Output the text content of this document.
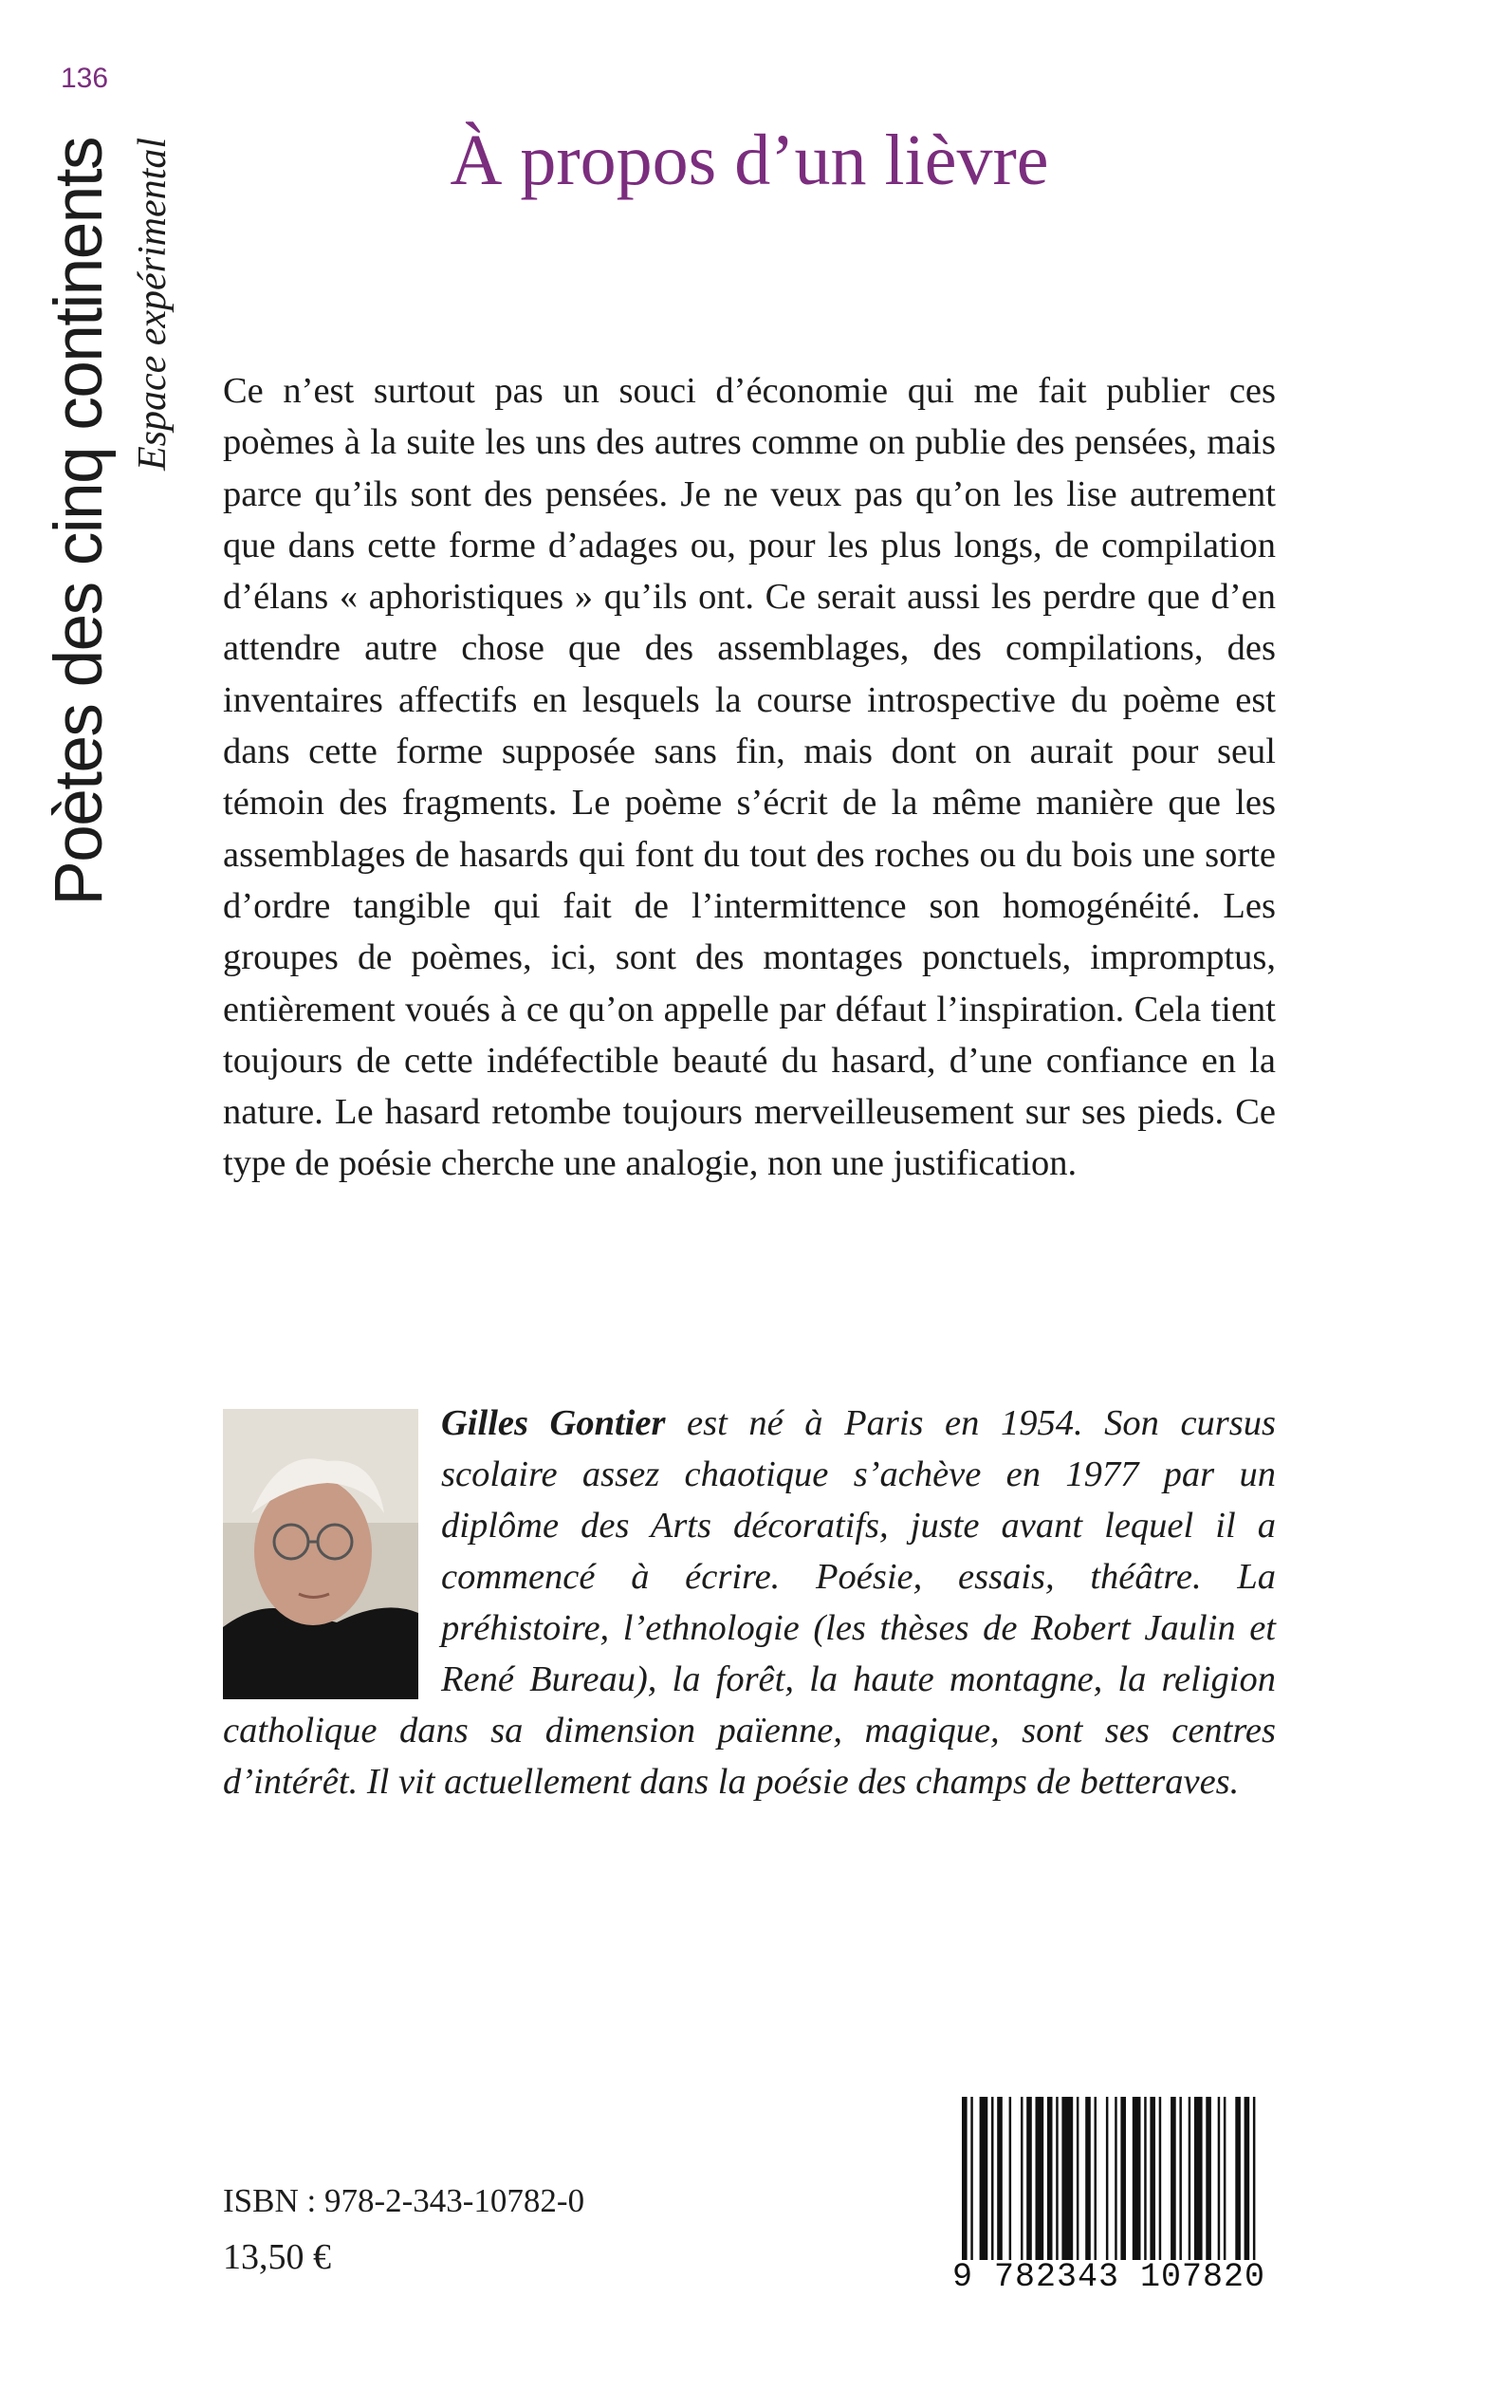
136
Poètes des cinq continents Espace expérimental	À propos d’un lièvre

Ce n’est surtout pas un souci d’économie qui me fait publier ces poèmes à la suite les uns des autres comme on publie des pensées, mais parce qu’ils sont des pensées. Je ne veux pas qu’on les lise autrement que dans cette forme d’adages ou, pour les plus longs, de compilation d’élans « aphoristiques » qu’ils ont. Ce serait aussi les perdre que d’en attendre autre chose que des assemblages, des compilations, des inventaires affectifs en lesquels la course introspective du poème est dans cette forme supposée sans fin, mais dont on aurait pour seul témoin des fragments. Le poème s’écrit de la même manière que les assemblages de hasards qui font du tout des roches ou du bois une sorte d’ordre tangible qui fait de l’intermittence son homogénéité. Les groupes de poèmes, ici, sont des montages ponctuels, impromptus, entièrement voués à ce qu’on appelle par défaut l’inspiration. Cela tient toujours de cette indéfectible beauté du hasard, d’une confiance en la nature. Le hasard retombe toujours merveilleusement sur ses pieds. Ce type de poésie cherche une analogie, non une justification.

Gilles Gontier est né à Paris en 1954. Son cursus scolaire assez chaotique s’achève en 1977 par un diplôme des Arts décoratifs, juste avant lequel il a commencé à écrire. Poésie, essais, théâtre. La préhistoire, l’ethnologie (les thèses de Robert Jaulin et René Bureau), la forêt, la haute montagne, la religion catholique dans sa dimension païenne, magique, sont ses centres d’intérêt. Il vit actuellement dans la poésie des champs de betteraves.

ISBN : 978-2-343-10782-0
13,50 €	9 782343 107820
